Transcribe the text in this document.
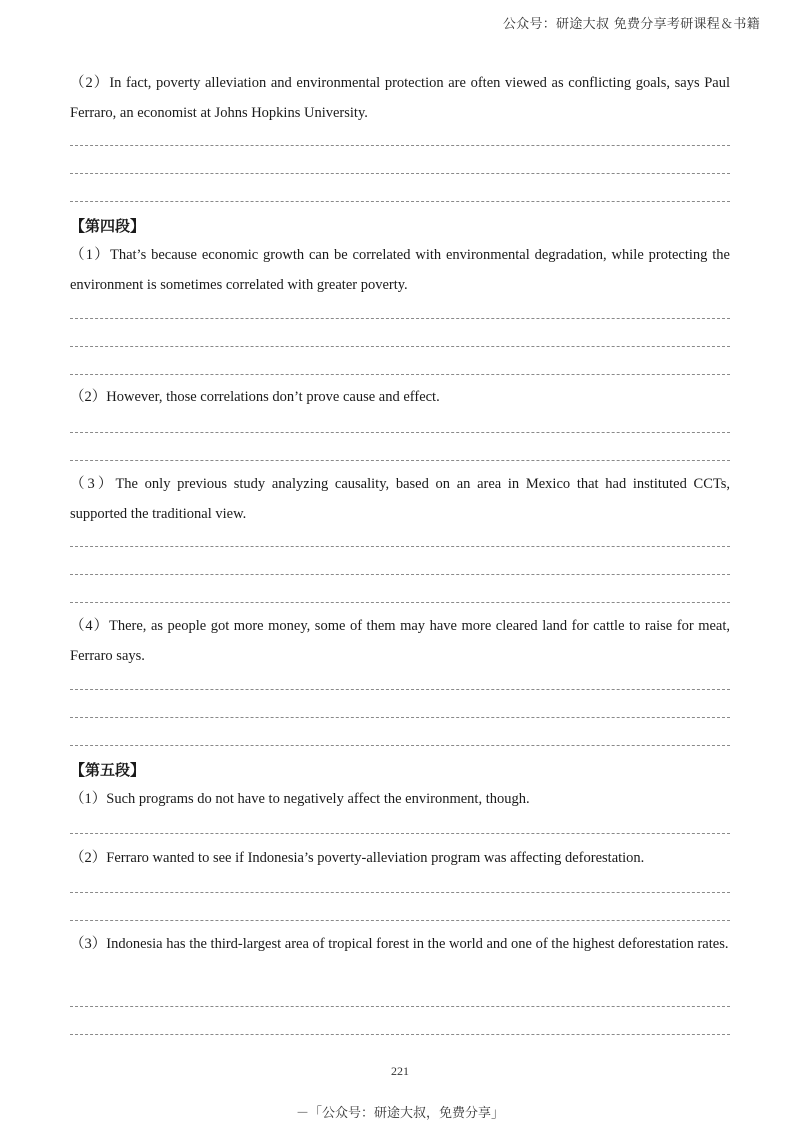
公众号：研途大叔 免费分享考研课程＆书籍
（2）In fact, poverty alleviation and environmental protection are often viewed as conflicting goals, says Paul Ferraro, an economist at Johns Hopkins University.
【第四段】
（1）That’s because economic growth can be correlated with environmental degradation, while protecting the environment is sometimes correlated with greater poverty.
（2）However, those correlations don’t prove cause and effect.
（3）The only previous study analyzing causality, based on an area in Mexico that had instituted CCTs, supported the traditional view.
（4）There, as people got more money, some of them may have more cleared land for cattle to raise for meat, Ferraro says.
【第五段】
（1）Such programs do not have to negatively affect the environment, though.
（2）Ferraro wanted to see if Indonesia’s poverty-alleviation program was affecting deforestation.
（3）Indonesia has the third-largest area of tropical forest in the world and one of the highest deforestation rates.
221
－「公众号：研途大叔，免费分享」
